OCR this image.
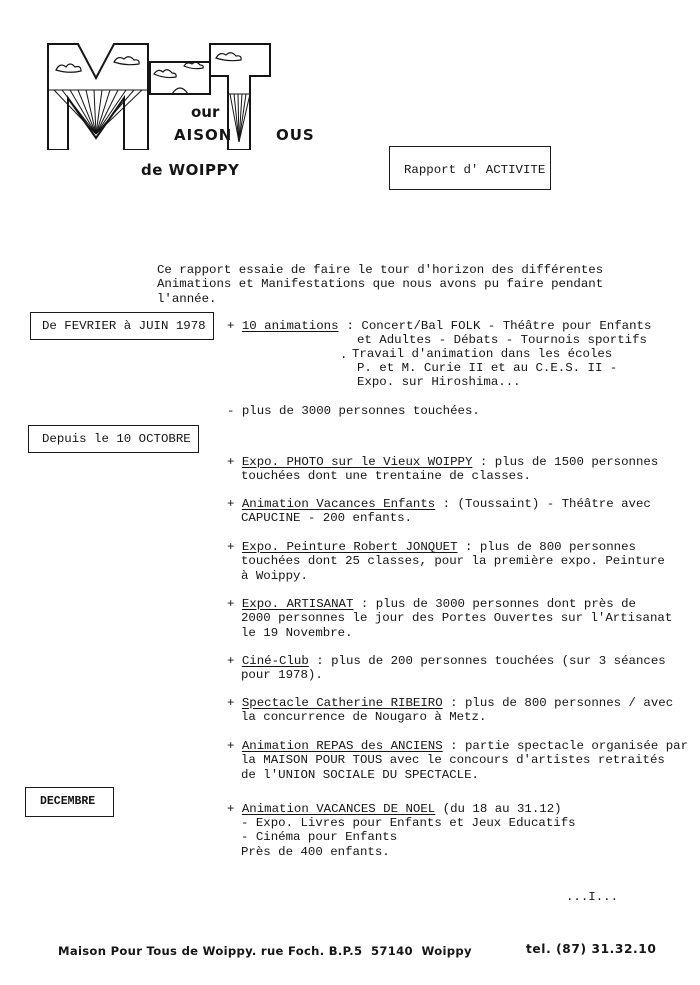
our
AISON	OUS
de WOIPPY	Rapport d' ACTIVITE
Ce rapport essaie de faire le tour d'horizon des différentes
Animations et Manifestations que nous avons pu faire pendant
l'année.
De FEVRIER à JUIN 1978 + 10 animations : Concert/Bal FOLK - Théâtre pour Enfants
et Adultes - Débats - Tournois sportifs
. Travail d'animation dans les écoles
P. et M. Curie II et au C.E.S. II -
Expo. sur Hiroshima...
- plus de 3000 personnes touchées.
Depuis le 10 OCTOBRE
+ Expo. PHOTO sur le Vieux WOIPPY : plus de 1500 personnes
touchées dont une trentaine de classes.
+ Animation Vacances Enfants : (Toussaint) - Théâtre avec
CAPUCINE - 200 enfants.
+ Expo. Peinture Robert JONQUET : plus de 800 personnes
touchées dont 25 classes, pour la première expo. Peinture
à Woippy.
+ Expo. ARTISANAT : plus de 3000 personnes dont près de
2000 personnes le jour des Portes Ouvertes sur l'Artisanat
le 19 Novembre.
+ Ciné-Club : plus de 200 personnes touchées (sur 3 séances
pour 1978).
+ Spectacle Catherine RIBEIRO : plus de 800 personnes / avec
la concurrence de Nougaro à Metz.
+ Animation REPAS des ANCIENS : partie spectacle organisée par
la MAISON POUR TOUS avec le concours d'artistes retraités
de l'UNION SOCIALE DU SPECTACLE.
DECEMBRE
+ Animation VACANCES DE NOEL (du 18 au 31.12)
- Expo. Livres pour Enfants et Jeux Educatifs
- Cinéma pour Enfants
Près de 400 enfants.
...I...
Maison Pour Tous de Woippy. rue Foch. B.P.5  57140  Woippy	tel. (87) 31.32.10
